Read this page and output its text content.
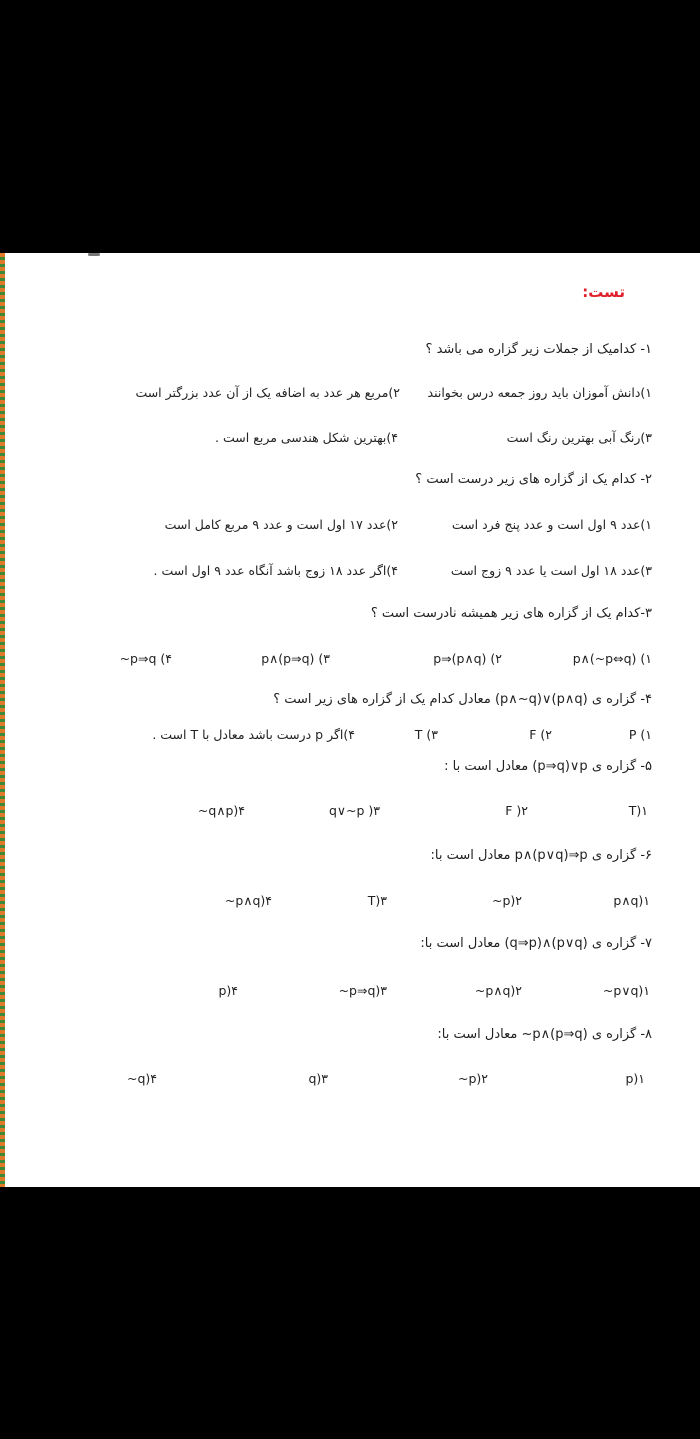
تست:
۱- کدامیک از جملات زیر گزاره می باشد ؟
۱)دانش آموزان باید روز جمعه درس بخوانند
۲)مربع هر عدد به اضافه یک از آن عدد بزرگتر است
۳)رنگ آبی بهترین رنگ است
۴)بهترین شکل هندسی مربع است .
۲- کدام یک از گزاره های زیر درست است ؟
۱)عدد ۹ اول است و عدد پنج فرد است
۲)عدد ۱۷ اول است و عدد ۹ مربع کامل است
۳)عدد ۱۸ اول است یا عدد ۹ زوج است
۴)اگر عدد ۱۸ زوج باشد آنگاه عدد ۹ اول است .
۳-کدام یک از گزاره های زیر همیشه نادرست است ؟
۱) p∧(~p⇔q)
۲) p⇒(p∧q)
۳) p∧(p⇒q)
۴) ~p⇒q
۴- گزاره ی (p∧~q)∨(p∧q) معادل کدام یک از گزاره های زیر است ؟
۱) P
۲) F
۳) T
۴)اگر p درست باشد معادل با T است .
۵- گزاره ی (p⇒q)∨p معادل است با :
T)۱
F )۲
q∨~p )۳
~q∧p)۴
۶- گزاره ی p∧(p∨q)⇒p معادل است با:
p∧q)۱
~p)۲
T)۳
~p∧q)۴
۷- گزاره ی (q⇒p)∧(p∨q) معادل است با:
~p∨q)۱
~p∧q)۲
~p⇒q)۳
p)۴
۸- گزاره ی ~p∧(p⇒q) معادل است با:
p)۱
~p)۲
q)۳
~q)۴
